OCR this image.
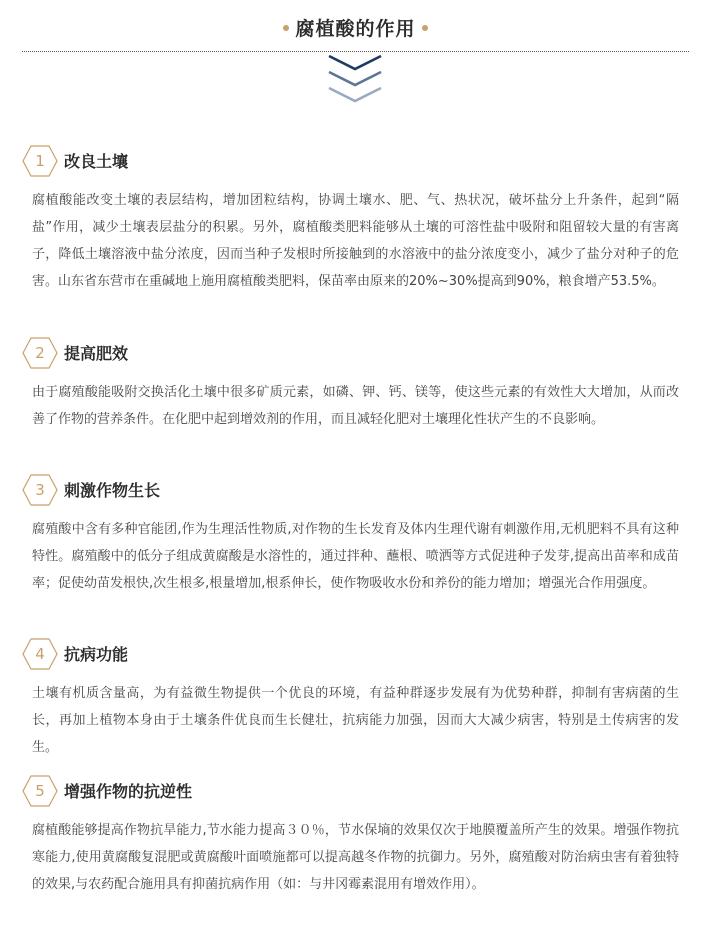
腐植酸的作用
1	改良土壤
腐植酸能改变土壤的表层结构，增加团粒结构，协调土壤水、肥、气、热状况，破坏盐分上升条件，起到“隔盐”作用，减少土壤表层盐分的积累。另外，腐植酸类肥料能够从土壤的可溶性盐中吸附和阻留较大量的有害离子，降低土壤溶液中盐分浓度，因而当种子发根时所接触到的水溶液中的盐分浓度变小，减少了盐分对种子的危害。山东省东营市在重碱地上施用腐植酸类肥料，保苗率由原来的20%~30%提高到90%，粮食增产53.5%。
2	提高肥效
由于腐殖酸能吸附交换活化土壤中很多矿质元素，如磷、钾、钙、镁等，使这些元素的有效性大大增加，从而改善了作物的营养条件。在化肥中起到增效剂的作用，而且减轻化肥对土壤理化性状产生的不良影响。
3	刺激作物生长
腐殖酸中含有多种官能团,作为生理活性物质,对作物的生长发育及体内生理代谢有刺激作用,无机肥料不具有这种特性。腐殖酸中的低分子组成黄腐酸是水溶性的，通过拌种、蘸根、喷洒等方式促进种子发芽,提高出苗率和成苗率；促使幼苗发根快,次生根多,根量增加,根系伸长，使作物吸收水份和养份的能力增加；增强光合作用强度。
4	抗病功能
土壤有机质含量高，为有益微生物提供一个优良的环境，有益种群逐步发展有为优势种群，抑制有害病菌的生长，再加上植物本身由于土壤条件优良而生长健壮，抗病能力加强，因而大大减少病害，特别是土传病害的发生。
5	增强作物的抗逆性
腐植酸能够提高作物抗旱能力,节水能力提高３０％，节水保墒的效果仅次于地膜覆盖所产生的效果。增强作物抗寒能力,使用黄腐酸复混肥或黄腐酸叶面喷施都可以提高越冬作物的抗御力。另外，腐殖酸对防治病虫害有着独特的效果,与农药配合施用具有抑菌抗病作用（如：与井冈霉素混用有增效作用）。
